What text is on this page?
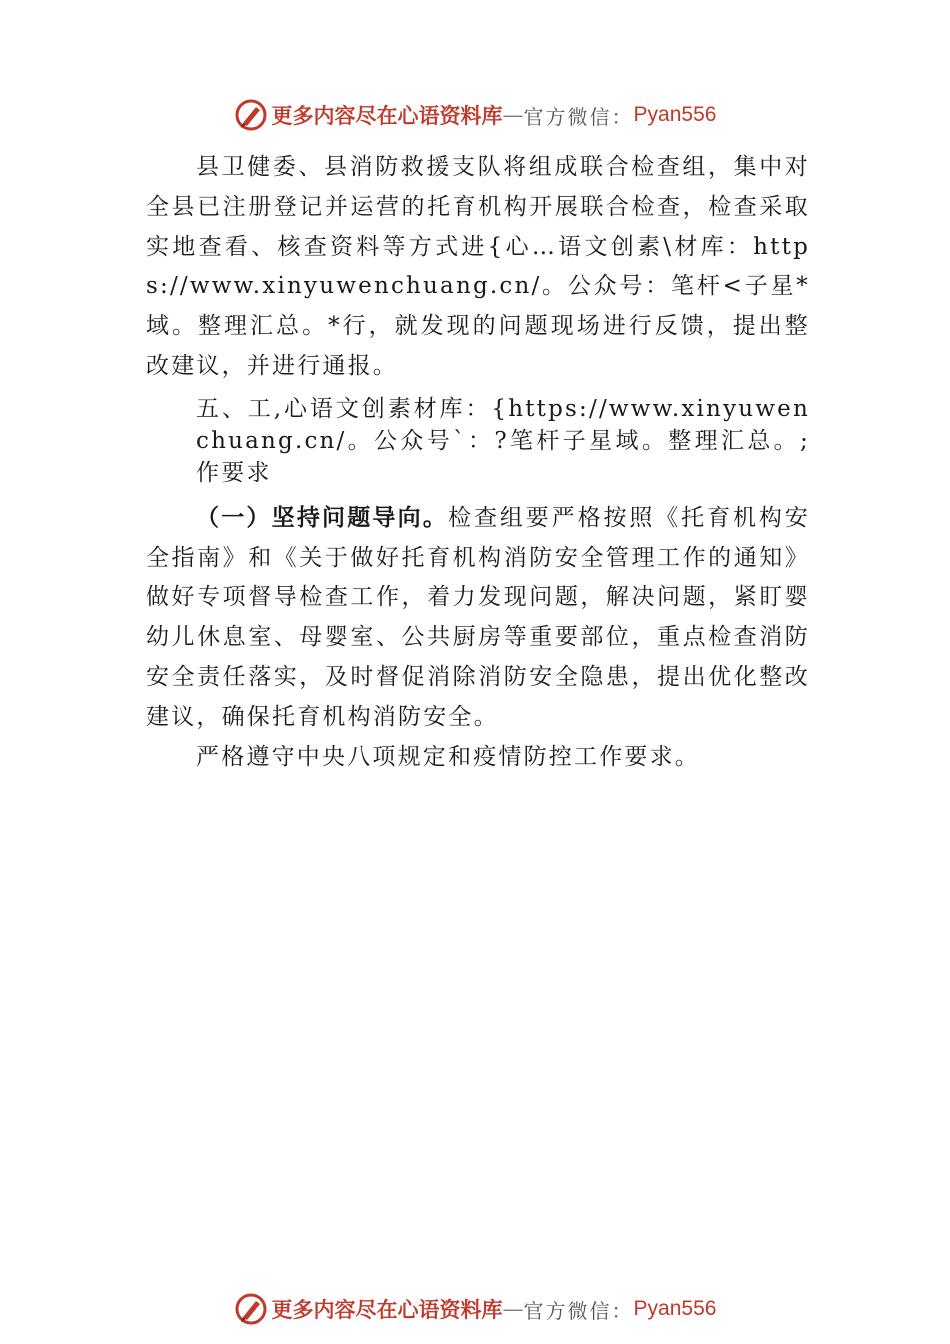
更多内容尽在心语资料库 — 官方微信： Pyan556

县卫健委、县消防救援支队将组成联合检查组，集中对全县已注册登记并运营的托育机构开展联合检查，检查采取实地查看、核查资料等方式进{心…语文创素\材库：https://www.xinyuwenchuang.cn/。公众号：笔杆<子星*域。整理汇总。*行，就发现的问题现场进行反馈，提出整改建议，并进行通报。

五、工,心语文创素材库：{https://www.xinyuwenchuang.cn/。公众号`：?笔杆子星域。整理汇总。;作要求

（一）坚持问题导向。检查组要严格按照《托育机构安全指南》和《关于做好托育机构消防安全管理工作的通知》 做好专项督导检查工作，着力发现问题，解决问题，紧盯婴幼儿休息室、母婴室、公共厨房等重要部位，重点检查消防安全责任落实，及时督促消除消防安全隐患，提出优化整改建议，确保托育机构消防安全。

严格遵守中央八项规定和疫情防控工作要求。

更多内容尽在心语资料库 — 官方微信： Pyan556
